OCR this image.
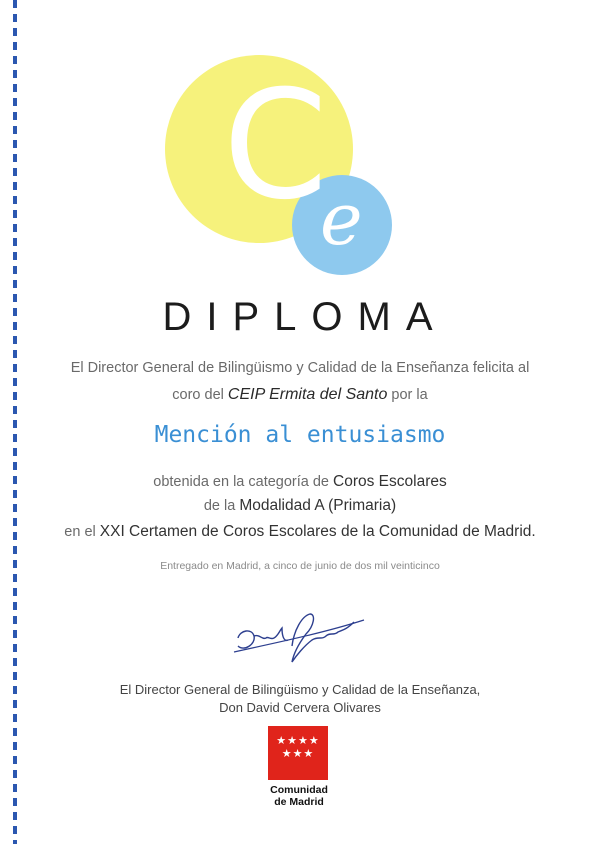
C
e
DIPLOMA
El Director General de Bilingüismo y Calidad de la Enseñanza felicita al
coro del CEIP Ermita del Santo por la
Mención al entusiasmo
obtenida en la categoría de Coros Escolares
de la Modalidad A (Primaria)
en el XXI Certamen de Coros Escolares de la Comunidad de Madrid.
Entregado en Madrid, a cinco de junio de dos mil veinticinco
El Director General de Bilingüismo y Calidad de la Enseñanza,
Don David Cervera Olivares
★★★★
★★★
Comunidad
de Madrid
